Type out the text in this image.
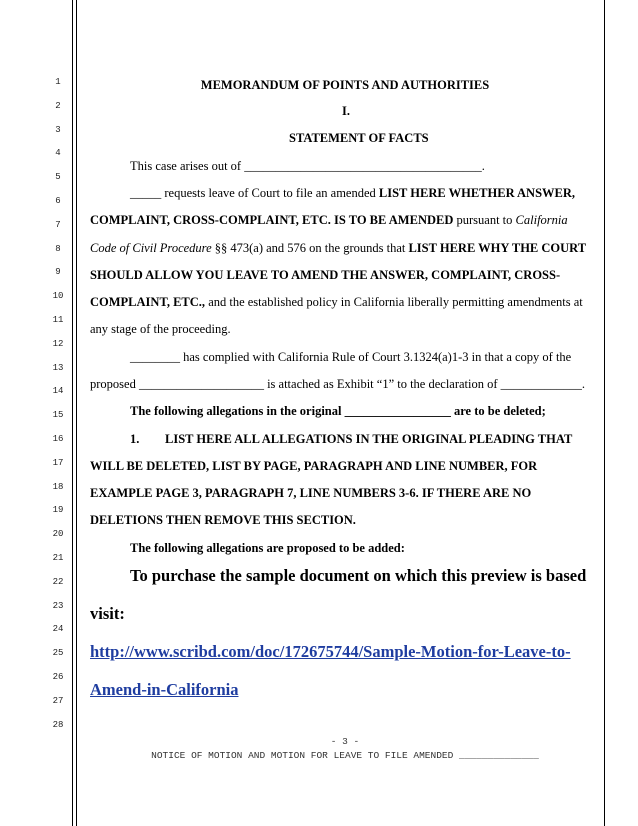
1
2
3
4
5
6
7
8
9
10
11
12
13
14
15
16
17
18
19
20
21
22
23
24
25
26
27
28
MEMORANDUM OF POINTS AND AUTHORITIES
I.
STATEMENT OF FACTS
This case arises out of ______________________________________.
_____ requests leave of Court to file an amended LIST HERE WHETHER ANSWER,
COMPLAINT, CROSS-COMPLAINT, ETC. IS TO BE AMENDED pursuant to California
Code of Civil Procedure §§ 473(a) and 576 on the grounds that LIST HERE WHY THE COURT
SHOULD ALLOW YOU LEAVE TO AMEND THE ANSWER, COMPLAINT, CROSS-
COMPLAINT, ETC., and the established policy in California liberally permitting amendments at
any stage of the proceeding.
________ has complied with California Rule of Court 3.1324(a)1-3 in that a copy of the
proposed ____________________ is attached as Exhibit “1” to the declaration of _____________.
The following allegations in the original _________________ are to be deleted;
1. LIST HERE ALL ALLEGATIONS IN THE ORIGINAL PLEADING THAT
WILL BE DELETED, LIST BY PAGE, PARAGRAPH AND LINE NUMBER, FOR
EXAMPLE PAGE 3, PARAGRAPH 7, LINE NUMBERS 3-6. IF THERE ARE NO
DELETIONS THEN REMOVE THIS SECTION.
The following allegations are proposed to be added:
To purchase the sample document on which this preview is based
visit:
http://www.scribd.com/doc/172675744/Sample-Motion-for-Leave-to-
Amend-in-California
- 3 -
NOTICE OF MOTION AND MOTION FOR LEAVE TO FILE AMENDED ______________
